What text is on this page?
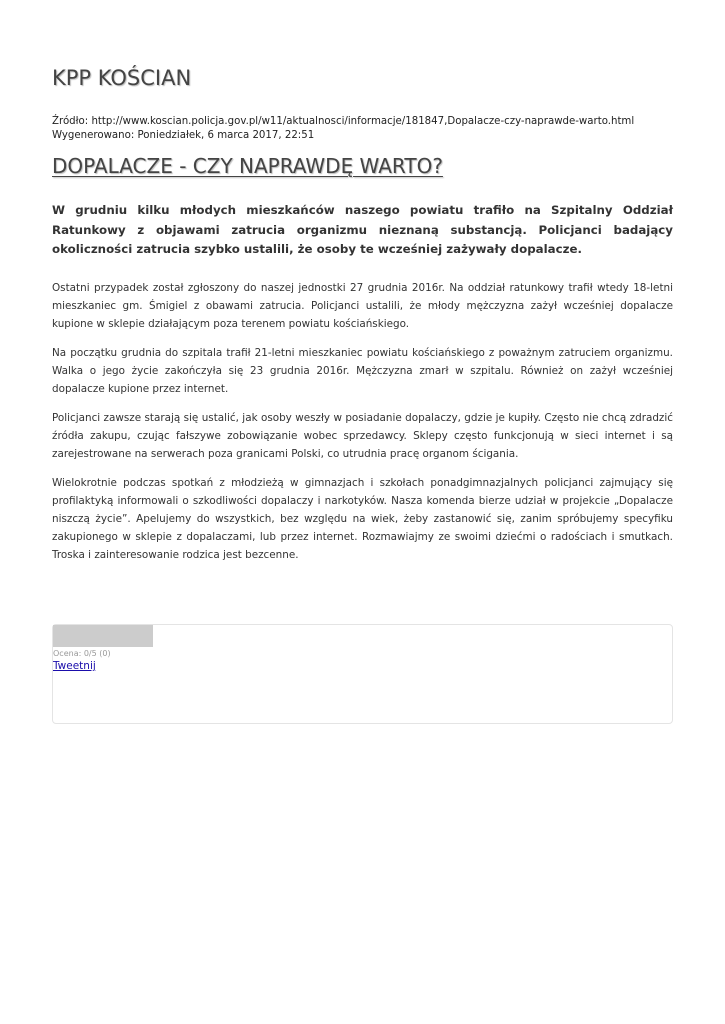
KPP KOŚCIAN
Źródło: http://www.koscian.policja.gov.pl/w11/aktualnosci/informacje/181847,Dopalacze-czy-naprawde-warto.html
Wygenerowano: Poniedziałek, 6 marca 2017, 22:51
DOPALACZE - CZY NAPRAWDĘ WARTO?

W grudniu kilku młodych mieszkańców naszego powiatu trafiło na Szpitalny Oddział Ratunkowy z objawami zatrucia organizmu nieznaną substancją. Policjanci badający okoliczności zatrucia szybko ustalili, że osoby te wcześniej zażywały dopalacze.

Ostatni przypadek został zgłoszony do naszej jednostki 27 grudnia 2016r. Na oddział ratunkowy trafił wtedy 18-letni mieszkaniec gm. Śmigiel z obawami zatrucia. Policjanci ustalili, że młody mężczyzna zażył wcześniej dopalacze kupione w sklepie działającym poza terenem powiatu kościańskiego.

Na początku grudnia do szpitala trafił 21-letni mieszkaniec powiatu kościańskiego z poważnym zatruciem organizmu. Walka o jego życie zakończyła się 23 grudnia 2016r. Mężczyzna zmarł w szpitalu. Również on zażył wcześniej dopalacze kupione przez internet.

Policjanci zawsze starają się ustalić, jak osoby weszły w posiadanie dopalaczy, gdzie je kupiły. Często nie chcą zdradzić źródła zakupu, czując fałszywe zobowiązanie wobec sprzedawcy. Sklepy często funkcjonują w sieci internet i są zarejestrowane na serwerach poza granicami Polski, co utrudnia pracę organom ścigania.

Wielokrotnie podczas spotkań z młodzieżą w gimnazjach i szkołach ponadgimnazjalnych policjanci zajmujący się profilaktyką informowali o szkodliwości dopalaczy i narkotyków. Nasza komenda bierze udział w projekcie „Dopalacze niszczą życie”. Apelujemy do wszystkich, bez względu na wiek, żeby zastanowić się, zanim spróbujemy specyfiku zakupionego w sklepie z dopalaczami, lub przez internet. Rozmawiajmy ze swoimi dziećmi o radościach i smutkach. Troska i zainteresowanie rodzica jest bezcenne.

Ocena: 0/5 (0)
Tweetnij
